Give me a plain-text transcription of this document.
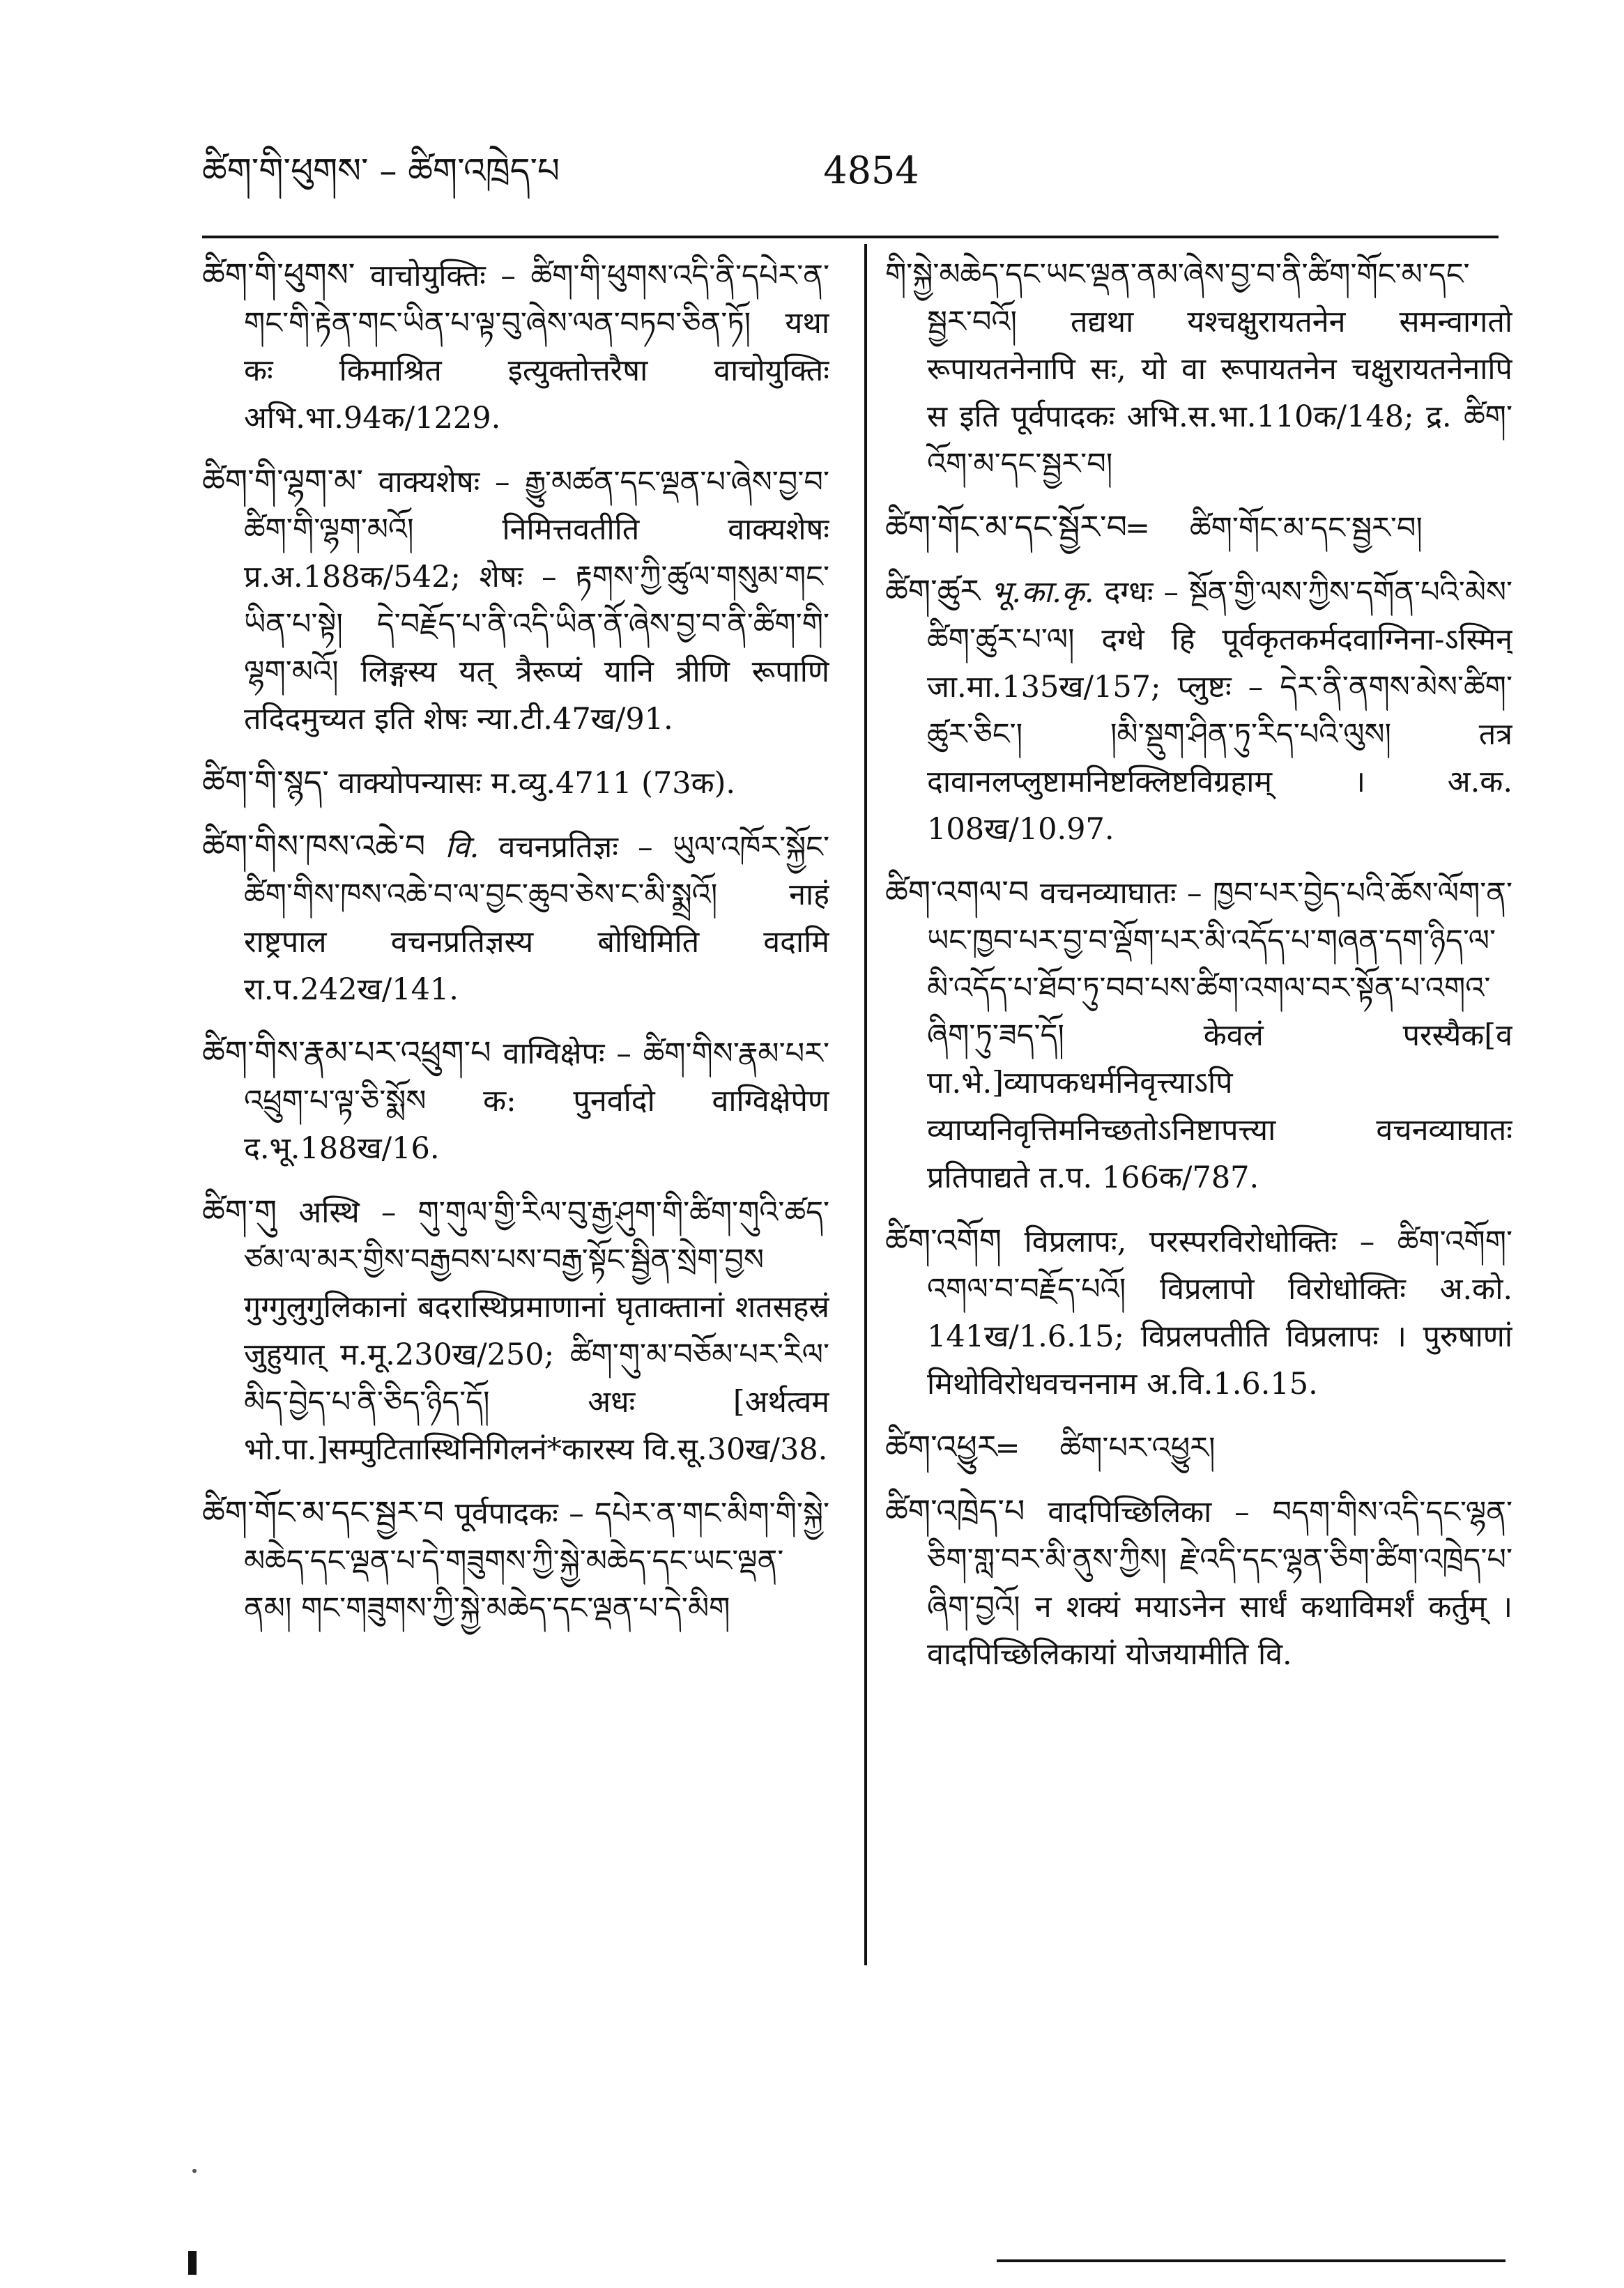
ཚིག་གི་ཕུགས་ – ཚིག་འཁྲེད་པ	4854

ཚིག་གི་ཕུགས་ वाचोयुक्तिः – ཚིག་གི་ཕུགས་འདི་ནི་དཔེར་ན་གང་གི་རྟེན་གང་ཡིན་པ་ལྟ་བུ་ཞེས་ལན་བཏབ་ཅིན་ཏོ། यथा कः किमाश्रित इत्युक्तोत्तरैषा वाचोयुक्तिः अभि.भा.94क/1229.

ཚིག་གི་ལྷག་མ་ वाक्यशेषः – རྒྱུ་མཚན་དང་ལྡན་པ་ཞེས་བྱ་བ་ཚིག་གི་ལྷག་མའོ། निमित्तवतीति वाक्यशेषः प्र.अ.188क/542; शेषः – རྟགས་ཀྱི་ཚུལ་གསུམ་གང་ཡིན་པ་སྟེ། དེ་བརྗོད་པ་ནི་འདི་ཡིན་ནོ་ཞེས་བྱ་བ་ནི་ཚིག་གི་ལྷག་མའོ། लिङ्गस्य यत् त्रैरूप्यं यानि त्रीणि रूपाणि तदिदमुच्यत इति शेषः न्या.टी.47ख/91.

ཚིག་གི་སྙད་ वाक्योपन्यासः म.व्यु.4711 (73क).

ཚིག་གིས་ཁས་འཆེ་བ वि. वचनप्रतिज्ञः – ཡུལ་འཁོར་སྐྱོང་ཚིག་གིས་ཁས་འཆེ་བ་ལ་བྱང་ཆུབ་ཅེས་ང་མི་སྨྲའོ། नाहं राष्ट्रपाल वचनप्रतिज्ञस्य बोधिमिति वदामि रा.प.242ख/141.

ཚིག་གིས་རྣམ་པར་འཕྲུག་པ वाग्विक्षेपः – ཚིག་གིས་རྣམ་པར་འཕྲུག་པ་ལྟ་ཅི་སྨོས क: पुनर्वादो वाग्विक्षेपेण द.भू.188ख/16.

ཚིག་གུ अस्थि – གུ་གུལ་གྱི་རིལ་བུ་རྒྱ་ཤུག་གི་ཚིག་གུའི་ཚད་ཙམ་ལ་མར་གྱིས་བརྒྱབས་པས་བརྒྱ་སྟོང་སྦྱིན་སྲེག་བྱས गुग्गुलुगुलिकानां बदरास्थिप्रमाणानां घृताक्तानां शतसहस्रं जुहुयात् म.मू.230ख/250; ཚིག་གུ་མ་བཅོམ་པར་རིལ་མིད་བྱེད་པ་ནི་ཅིད་ཉིད་དོ། अधः [अर्थत्वम भो.पा.]सम्पुटितास्थिनिगिलनं*कारस्य वि.सू.30ख/38.

ཚིག་གོང་མ་དང་སྦྱར་བ पूर्वपादकः – དཔེར་ན་གང་མིག་གི་སྐྱེ་མཆེད་དང་ལྡན་པ་དེ་གཟུགས་ཀྱི་སྐྱེ་མཆེད་དང་ཡང་ལྡན་ནམ། གང་གཟུགས་ཀྱི་སྐྱེ་མཆེད་དང་ལྡན་པ་དེ་མིག

གི་སྐྱེ་མཆེད་དང་ཡང་ལྡན་ནམ་ཞེས་བྱ་བ་ནི་ཚིག་གོང་མ་དང་སྦྱར་བའོ། तद्यथा यश्चक्षुरायतनेन समन्वागतो रूपायतनेनापि सः, यो वा रूपायतनेन चक्षुरायतनेनापि स इति पूर्वपादकः अभि.स.भा.110क/148; द्र. ཚིག་འོག་མ་དང་སྦྱར་བ།

ཚིག་གོང་མ་དང་སྦྱོར་བ= ཚིག་གོང་མ་དང་སྦྱར་བ།

ཚིག་ཚུར भू.का.कृ. दग्धः – སྔོན་གྱི་ལས་ཀྱིས་དགོན་པའི་མེས་ཚིག་ཚུར་པ་ལ། दग्धे हि पूर्वकृतकर्मदवाग्निना-ऽस्मिन् जा.मा.135ख/157; प्लुष्टः – དེར་ནི་ནགས་མེས་ཚིག་ཚུར་ཅིང་། །མི་སྡུག་ཤིན་ཏུ་རིད་པའི་ལུས། तत्र दावानलप्लुष्टामनिष्टक्लिष्टविग्रहाम् । अ.क. 108ख/10.97.

ཚིག་འགལ་བ वचनव्याघातः – ཁྱབ་པར་བྱེད་པའི་ཆོས་ལོག་ན་ཡང་ཁྱབ་པར་བྱ་བ་ལྡོག་པར་མི་འདོད་པ་གཞན་དག་ཉིད་ལ་མི་འདོད་པ་ཐོབ་ཏུ་བབ་པས་ཚིག་འགལ་བར་སྟོན་པ་འགའ་ཞིག་ཏུ་ཟད་དོ། केवलं परस्यैक[व पा.भे.]व्यापकधर्मनिवृत्त्याऽपि व्याप्यनिवृत्तिमनिच्छतोऽनिष्टापत्त्या वचनव्याघातः प्रतिपाद्यते त.प. 166क/787.

ཚིག་འགོག विप्रलापः, परस्परविरोधोक्तिः – ཚིག་འགོག་འགལ་བ་བརྗོད་པའོ། विप्रलापो विरोधोक्तिः अ.को. 141ख/1.6.15; विप्रलपतीति विप्रलापः । पुरुषाणां मिथोविरोधवचननाम अ.वि.1.6.15.

ཚིག་འཕྱུར= ཚིག་པར་འཕྱུར།

ཚིག་འཁྲེད་པ वादपिच्छिलिका – བདག་གིས་འདི་དང་ལྷན་ཅིག་གླ་བར་མི་ནུས་ཀྱིས། རྗེ་འདི་དང་ལྷན་ཅིག་ཚིག་འཁྲེད་པ་ཞིག་བྱའོ། न शक्यं मयाऽनेन सार्धं कथाविमर्शं कर्तुम् । वादपिच्छिलिकायां योजयामीति वि.
